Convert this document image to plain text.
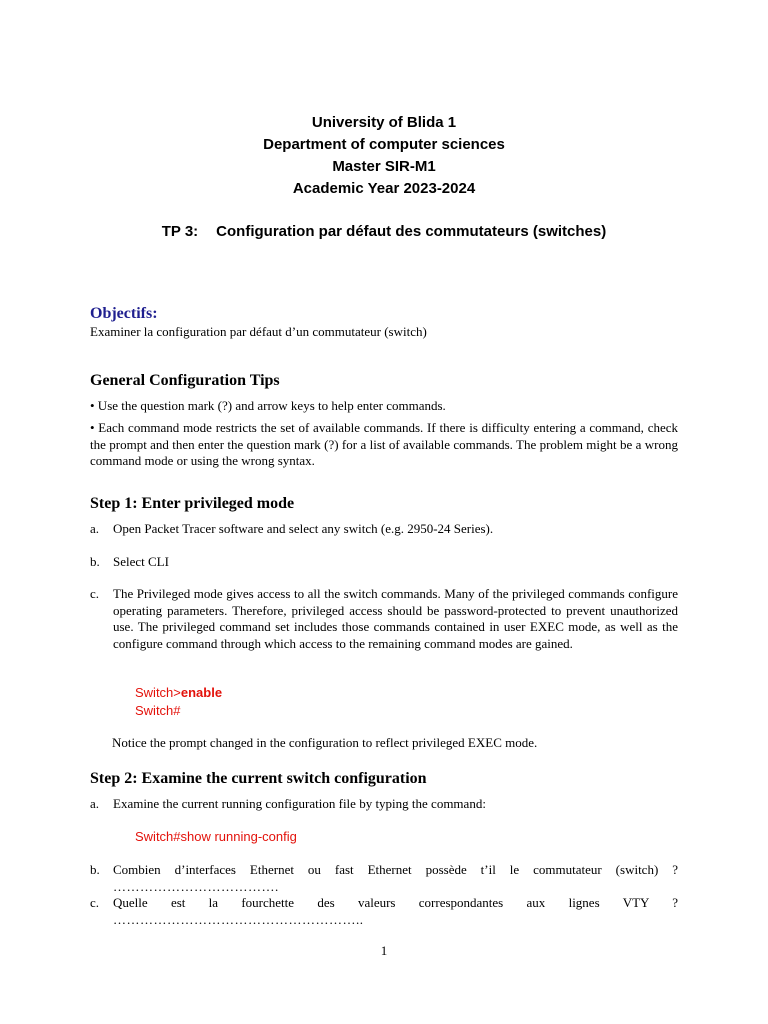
University of Blida 1
Department of computer sciences
Master SIR-M1
Academic Year 2023-2024
TP 3: Configuration par défaut des commutateurs (switches)
Objectifs:
Examiner la configuration par défaut d’un commutateur (switch)
General Configuration Tips
• Use the question mark (?) and arrow keys to help enter commands.
• Each command mode restricts the set of available commands. If there is difficulty entering a command, check the prompt and then enter the question mark (?) for a list of available commands. The problem might be a wrong command mode or using the wrong syntax.
Step 1: Enter privileged mode
a. Open Packet Tracer software and select any switch (e.g. 2950-24 Series).
b. Select CLI
c. The Privileged mode gives access to all the switch commands. Many of the privileged commands configure operating parameters. Therefore, privileged access should be password-protected to prevent unauthorized use. The privileged command set includes those commands contained in user EXEC mode, as well as the configure command through which access to the remaining command modes are gained.
Switch>enable
Switch#
Notice the prompt changed in the configuration to reflect privileged EXEC mode.
Step 2: Examine the current switch configuration
a. Examine the current running configuration file by typing the command:
Switch#show running-config
b. Combien d’interfaces Ethernet ou fast Ethernet possède t’il le commutateur (switch) ?
……………………………….
c. Quelle est la fourchette des valeurs correspondantes aux lignes VTY ?
………………………………………………..
1
